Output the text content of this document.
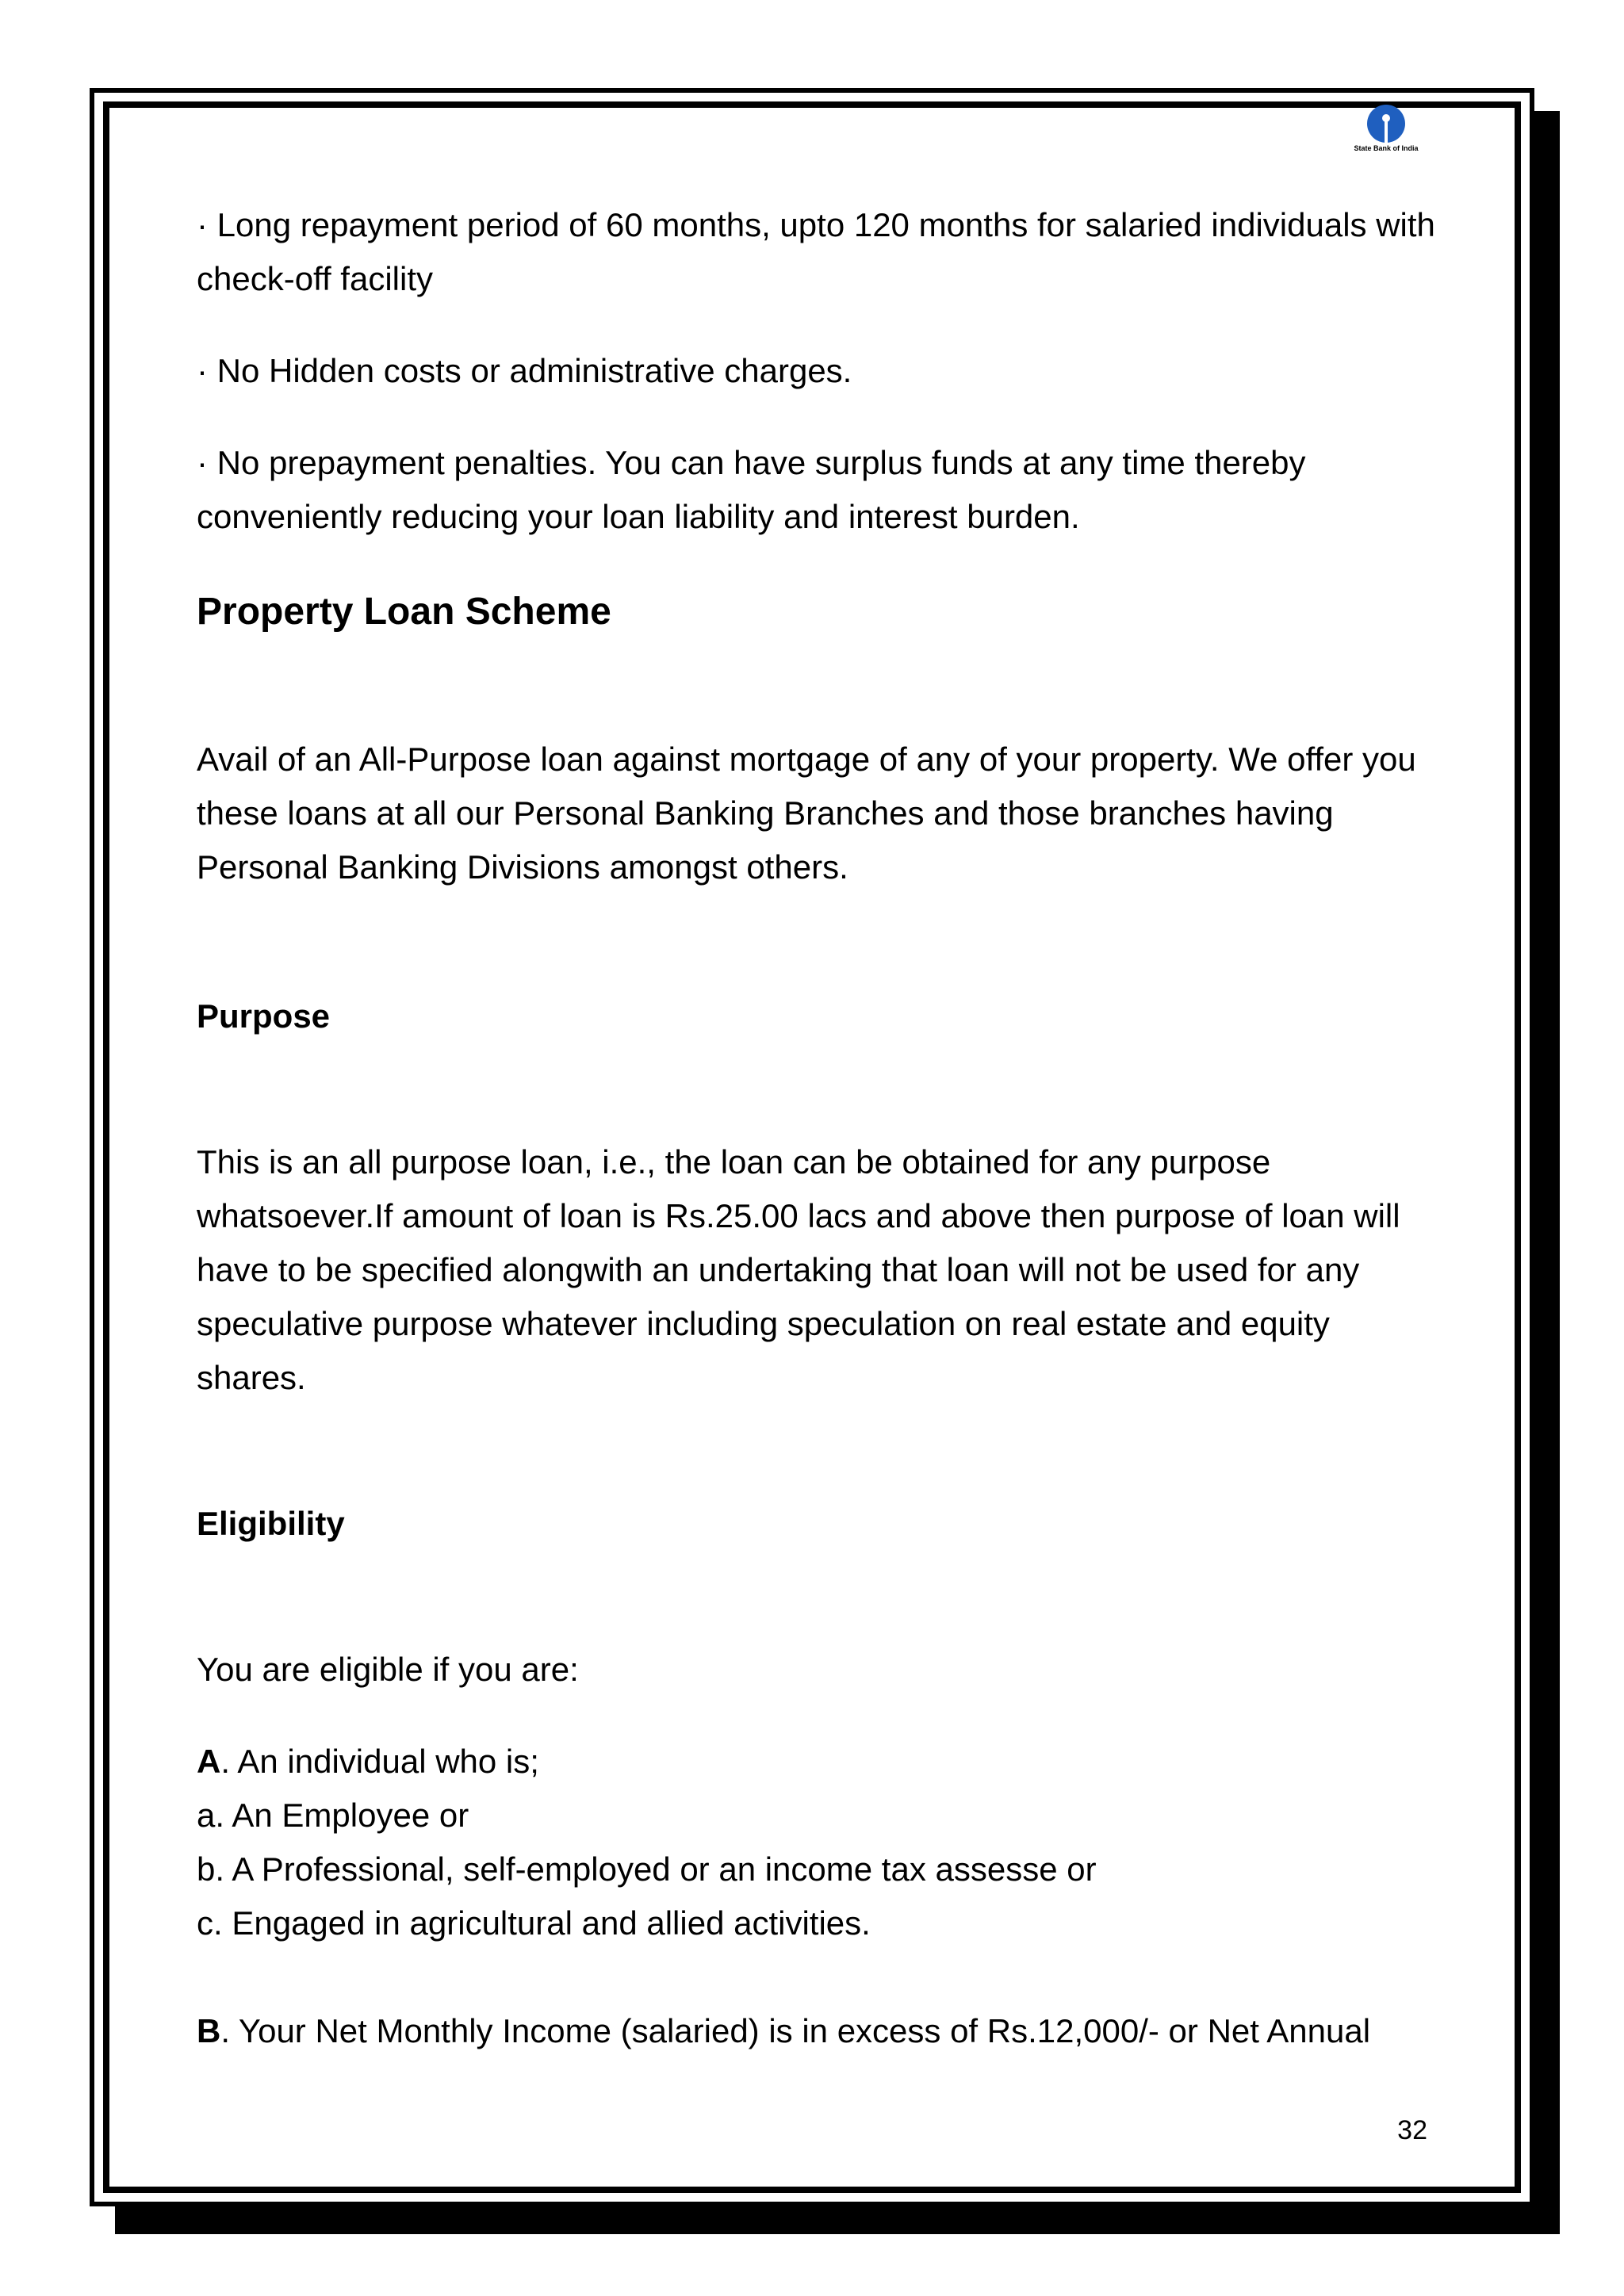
State Bank of India

· Long repayment period of 60 months, upto 120 months for salaried individuals with check-off facility

· No Hidden costs or administrative charges.

· No prepayment penalties. You can have surplus funds at any time thereby conveniently reducing your loan liability and interest burden.

Property Loan Scheme

Avail of an All-Purpose loan against mortgage of any of your property. We offer you these loans at all our Personal Banking Branches and those branches having Personal Banking Divisions amongst others.

Purpose

This is an all purpose loan, i.e., the loan can be obtained for any purpose whatsoever.If amount of loan is Rs.25.00 lacs and above then purpose of loan will have to be specified alongwith an undertaking that loan will not be used for any speculative purpose whatever including speculation on real estate and equity shares.

Eligibility

You are eligible if you are:

A. An individual who is;

a. An Employee or

b. A Professional, self-employed or an income tax assesse or

c. Engaged in agricultural and allied activities.

B. Your Net Monthly Income (salaried) is in excess of Rs.12,000/- or Net Annual

32
